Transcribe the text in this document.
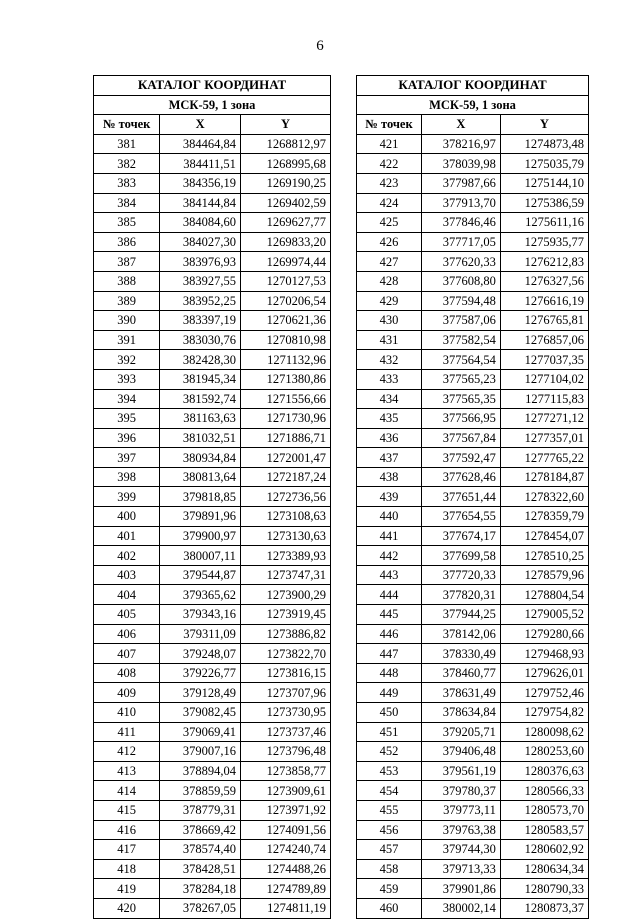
6
КАТАЛОГ КООРДИНАТ		
МСК-59, 1 зона		
№ точек	X	Y
381	384464,84	1268812,97
382	384411,51	1268995,68
383	384356,19	1269190,25
384	384144,84	1269402,59
385	384084,60	1269627,77
386	384027,30	1269833,20
387	383976,93	1269974,44
388	383927,55	1270127,53
389	383952,25	1270206,54
390	383397,19	1270621,36
391	383030,76	1270810,98
392	382428,30	1271132,96
393	381945,34	1271380,86
394	381592,74	1271556,66
395	381163,63	1271730,96
396	381032,51	1271886,71
397	380934,84	1272001,47
398	380813,64	1272187,24
399	379818,85	1272736,56
400	379891,96	1273108,63
401	379900,97	1273130,63
402	380007,11	1273389,93
403	379544,87	1273747,31
404	379365,62	1273900,29
405	379343,16	1273919,45
406	379311,09	1273886,82
407	379248,07	1273822,70
408	379226,77	1273816,15
409	379128,49	1273707,96
410	379082,45	1273730,95
411	379069,41	1273737,46
412	379007,16	1273796,48
413	378894,04	1273858,77
414	378859,59	1273909,61
415	378779,31	1273971,92
416	378669,42	1274091,56
417	378574,40	1274240,74
418	378428,51	1274488,26
419	378284,18	1274789,89
420	378267,05	1274811,19
КАТАЛОГ КООРДИНАТ		
МСК-59, 1 зона		
№ точек	X	Y
421	378216,97	1274873,48
422	378039,98	1275035,79
423	377987,66	1275144,10
424	377913,70	1275386,59
425	377846,46	1275611,16
426	377717,05	1275935,77
427	377620,33	1276212,83
428	377608,80	1276327,56
429	377594,48	1276616,19
430	377587,06	1276765,81
431	377582,54	1276857,06
432	377564,54	1277037,35
433	377565,23	1277104,02
434	377565,35	1277115,83
435	377566,95	1277271,12
436	377567,84	1277357,01
437	377592,47	1277765,22
438	377628,46	1278184,87
439	377651,44	1278322,60
440	377654,55	1278359,79
441	377674,17	1278454,07
442	377699,58	1278510,25
443	377720,33	1278579,96
444	377820,31	1278804,54
445	377944,25	1279005,52
446	378142,06	1279280,66
447	378330,49	1279468,93
448	378460,77	1279626,01
449	378631,49	1279752,46
450	378634,84	1279754,82
451	379205,71	1280098,62
452	379406,48	1280253,60
453	379561,19	1280376,63
454	379780,37	1280566,33
455	379773,11	1280573,70
456	379763,38	1280583,57
457	379744,30	1280602,92
458	379713,33	1280634,34
459	379901,86	1280790,33
460	380002,14	1280873,37
